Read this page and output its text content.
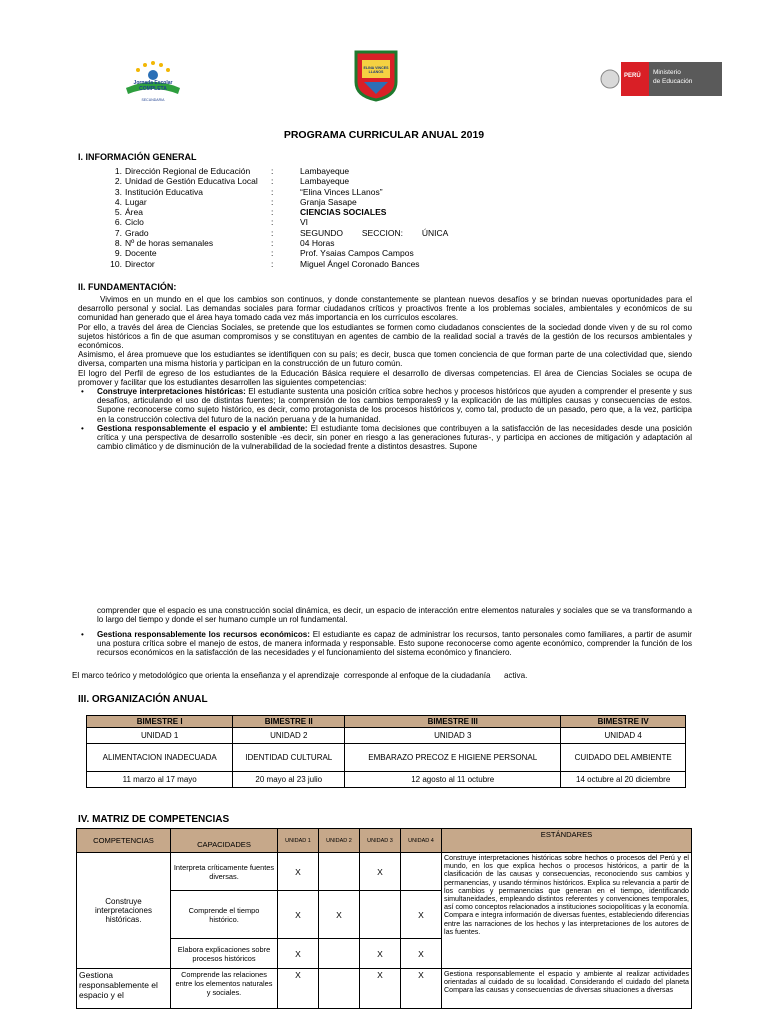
Jornada Escolar COMPLETA
SECUNDARIA
ELINA VINCES LLANOS
PERÚ Ministerio
de Educación
PROGRAMA CURRICULAR ANUAL 2019
I. INFORMACIÓN GENERAL
1. Dirección Regional de Educación :	Lambayeque
2. Unidad de Gestión Educativa Local :	Lambayeque
3. Institución Educativa	:	“Elina Vinces LLanos”
4. Lugar	:	Granja Sasape
5. Área	:	CIENCIAS SOCIALES
6. Ciclo	:	VI
7. Grado	:	SEGUNDO        SECCION:        ÚNICA
8. Nº de horas semanales	:	04 Horas
9. Docente	:	Prof. Ysaias Campos Campos
10. Director	:	Miguel Ángel Coronado Bances
II. FUNDAMENTACIÓN:

Vivimos en un mundo en el que los cambios son continuos, y donde constantemente se plantean nuevos desafíos y se brindan nuevas oportunidades para el desarrollo personal y social. Las demandas sociales para formar ciudadanos críticos y proactivos frente a los problemas sociales, ambientales y económicos de su comunidad han generado que el área haya tomado cada vez más importancia en los currículos escolares.

Por ello, a través del área de Ciencias Sociales, se pretende que los estudiantes se formen como ciudadanos conscientes de la sociedad donde viven y de su rol como sujetos históricos a fin de que asuman compromisos y se constituyan en agentes de cambio de la realidad social a través de la gestión de los recursos ambientales y económicos.

Asimismo, el área promueve que los estudiantes se identifiquen con su país; es decir, busca que tomen conciencia de que forman parte de una colectividad que, siendo diversa, comparten una misma historia y participan en la construcción de un futuro común.

El logro del Perfil de egreso de los estudiantes de la Educación Básica requiere el desarrollo de diversas competencias. El área de Ciencias Sociales se ocupa de promover y facilitar que los estudiantes desarrollen las siguientes competencias:

• Construye interpretaciones históricas: El estudiante sustenta una posición crítica sobre hechos y procesos históricos que ayuden a comprender el presente y sus desafíos, articulando el uso de distintas fuentes; la comprensión de los cambios temporales9 y la explicación de las múltiples causas y consecuencias de estos. Supone reconocerse como sujeto histórico, es decir, como protagonista de los procesos históricos y, como tal, producto de un pasado, pero que, a la vez, participa en la construcción colectiva del futuro de la nación peruana y de la humanidad.
• Gestiona responsablemente el espacio y el ambiente: El estudiante toma decisiones que contribuyen a la satisfacción de las necesidades desde una posición crítica y una perspectiva de desarrollo sostenible -es decir, sin poner en riesgo a las generaciones futuras-, y participa en acciones de mitigación y adaptación al cambio climático y de disminución de la vulnerabilidad de la sociedad frente a distintos desastres. Supone

comprender que el espacio es una construcción social dinámica, es decir, un espacio de interacción entre elementos naturales y sociales que se va transformando a lo largo del tiempo y donde el ser humano cumple un rol fundamental.

• Gestiona responsablemente los recursos económicos: El estudiante es capaz de administrar los recursos, tanto personales como familiares, a partir de asumir una postura crítica sobre el manejo de estos, de manera informada y responsable. Esto supone reconocerse como agente económico, comprender la función de los recursos económicos en la satisfacción de las necesidades y el funcionamiento del sistema económico y financiero.
El marco teórico y metodológico que orienta la enseñanza y el aprendizaje  corresponde al enfoque de la ciudadanía      activa.
III. ORGANIZACIÓN ANUAL
BIMESTRE I	BIMESTRE II	BIMESTRE III	BIMESTRE IV
UNIDAD 1	UNIDAD 2	UNIDAD 3	UNIDAD 4
ALIMENTACION INADECUADA	IDENTIDAD CULTURAL	EMBARAZO PRECOZ E HIGIENE PERSONAL	CUIDADO DEL AMBIENTE
11 marzo al 17 mayo	20 mayo al 23 julio	12 agosto al 11 octubre	14 octubre al 20 diciembre
IV. MATRIZ DE COMPETENCIAS
COMPETENCIAS	CAPACIDADES	UNIDAD 1	UNIDAD 2	UNIDAD 3	UNIDAD 4	ESTÁNDARES
Construye interpretaciones históricas.	Interpreta críticamente fuentes diversas.	X		X		Construye interpretaciones históricas sobre hechos o procesos del Perú y el mundo, en los que explica hechos o procesos históricos, a partir de la clasificación de las causas y consecuencias, reconociendo sus cambios y permanencias, y usando términos históricos. Explica su relevancia a partir de los cambios y permanencias que generan en el tiempo, identificando simultaneidades, empleando distintos referentes y convenciones temporales, así como conceptos relacionados a instituciones sociopolíticas y la economía. Compara e integra información de diversas fuentes, estableciendo diferencias entre las narraciones de los hechos y las interpretaciones de los autores de las fuentes.
	Comprende el tiempo histórico.	X	X		X	
	Elabora explicaciones sobre procesos históricos	X		X	X	
Gestiona responsablemente el espacio y el	Comprende las relaciones entre los elementos naturales y sociales.	X		X	X	Gestiona responsablemente el espacio y ambiente al realizar actividades orientadas al cuidado de su localidad. Considerando el cuidado del planeta Compara las causas y consecuencias de diversas situaciones a diversas
